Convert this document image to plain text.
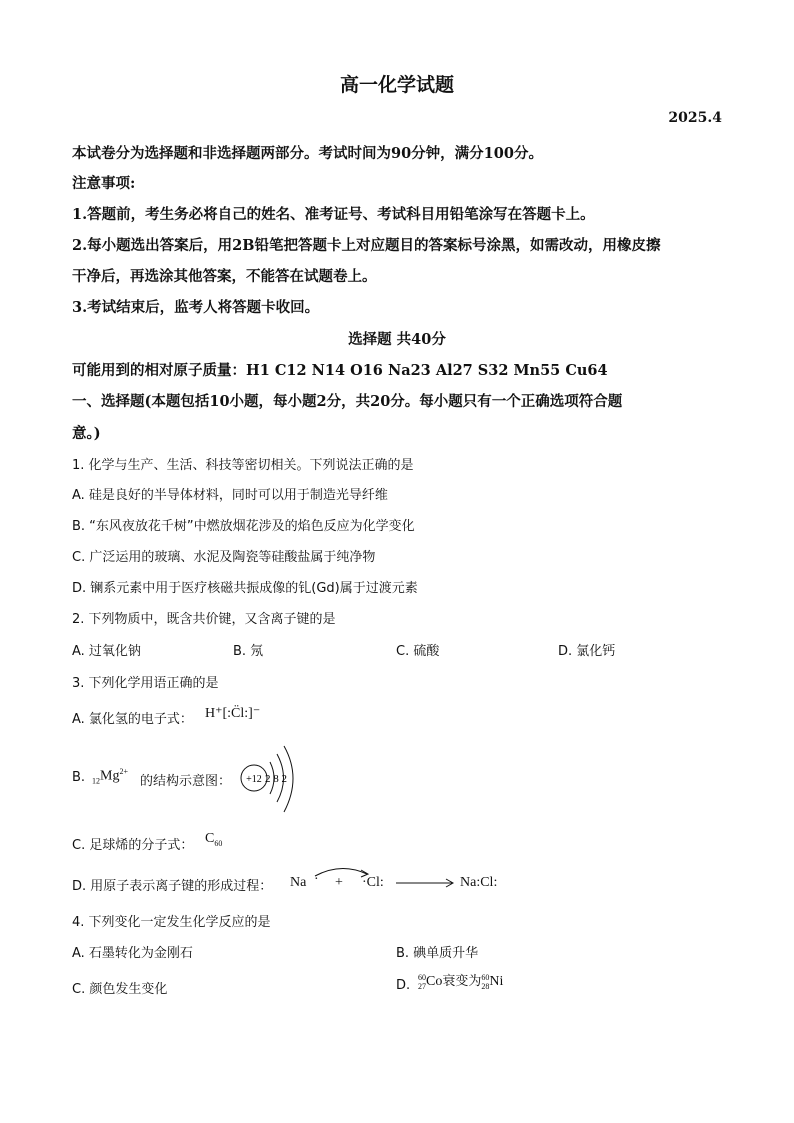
高一化学试题
2025.4
本试卷分为选择题和非选择题两部分。考试时间为90分钟，满分100分。
注意事项:
1.答题前，考生务必将自己的姓名、准考证号、考试科目用铅笔涂写在答题卡上。
2.每小题选出答案后，用2B铅笔把答题卡上对应题目的答案标号涂黑，如需改动，用橡皮擦
干净后，再选涂其他答案，不能答在试题卷上。
3.考试结束后，监考人将答题卡收回。
选择题 共40分
可能用到的相对原子质量：H1 C12 N14 O16 Na23 Al27 S32 Mn55 Cu64
一、选择题(本题包括10小题，每小题2分，共20分。每小题只有一个正确选项符合题
意。)
1. 化学与生产、生活、科技等密切相关。下列说法正确的是
A. 硅是良好的半导体材料，同时可以用于制造光导纤维
B. “东风夜放花千树”中燃放烟花涉及的焰色反应为化学变化
C. 广泛运用的玻璃、水泥及陶瓷等硅酸盐属于纯净物
D. 镧系元素中用于医疗核磁共振成像的钆(Gd)属于过渡元素
2. 下列物质中，既含共价键，又含离子键的是
A. 过氧化钠	B. 氖	C. 硫酸	D. 氯化钙
3. 下列化学用语正确的是
A. 氯化氢的电子式： H⁺[:C̈l:]⁻
B. $_{12}Mg^{2+}$
的结构示意图： +12 2 8 2
C. 足球烯的分子式： $C_{60}$
D. 用原子表示离子键的形成过程： Na · + ·Cl: → Na:Cl:
4. 下列变化一定发生化学反应的是
A. 石墨转化为金刚石	B. 碘单质升华
C. 颜色发生变化	D.
60
27Co衰变为60
28Ni
